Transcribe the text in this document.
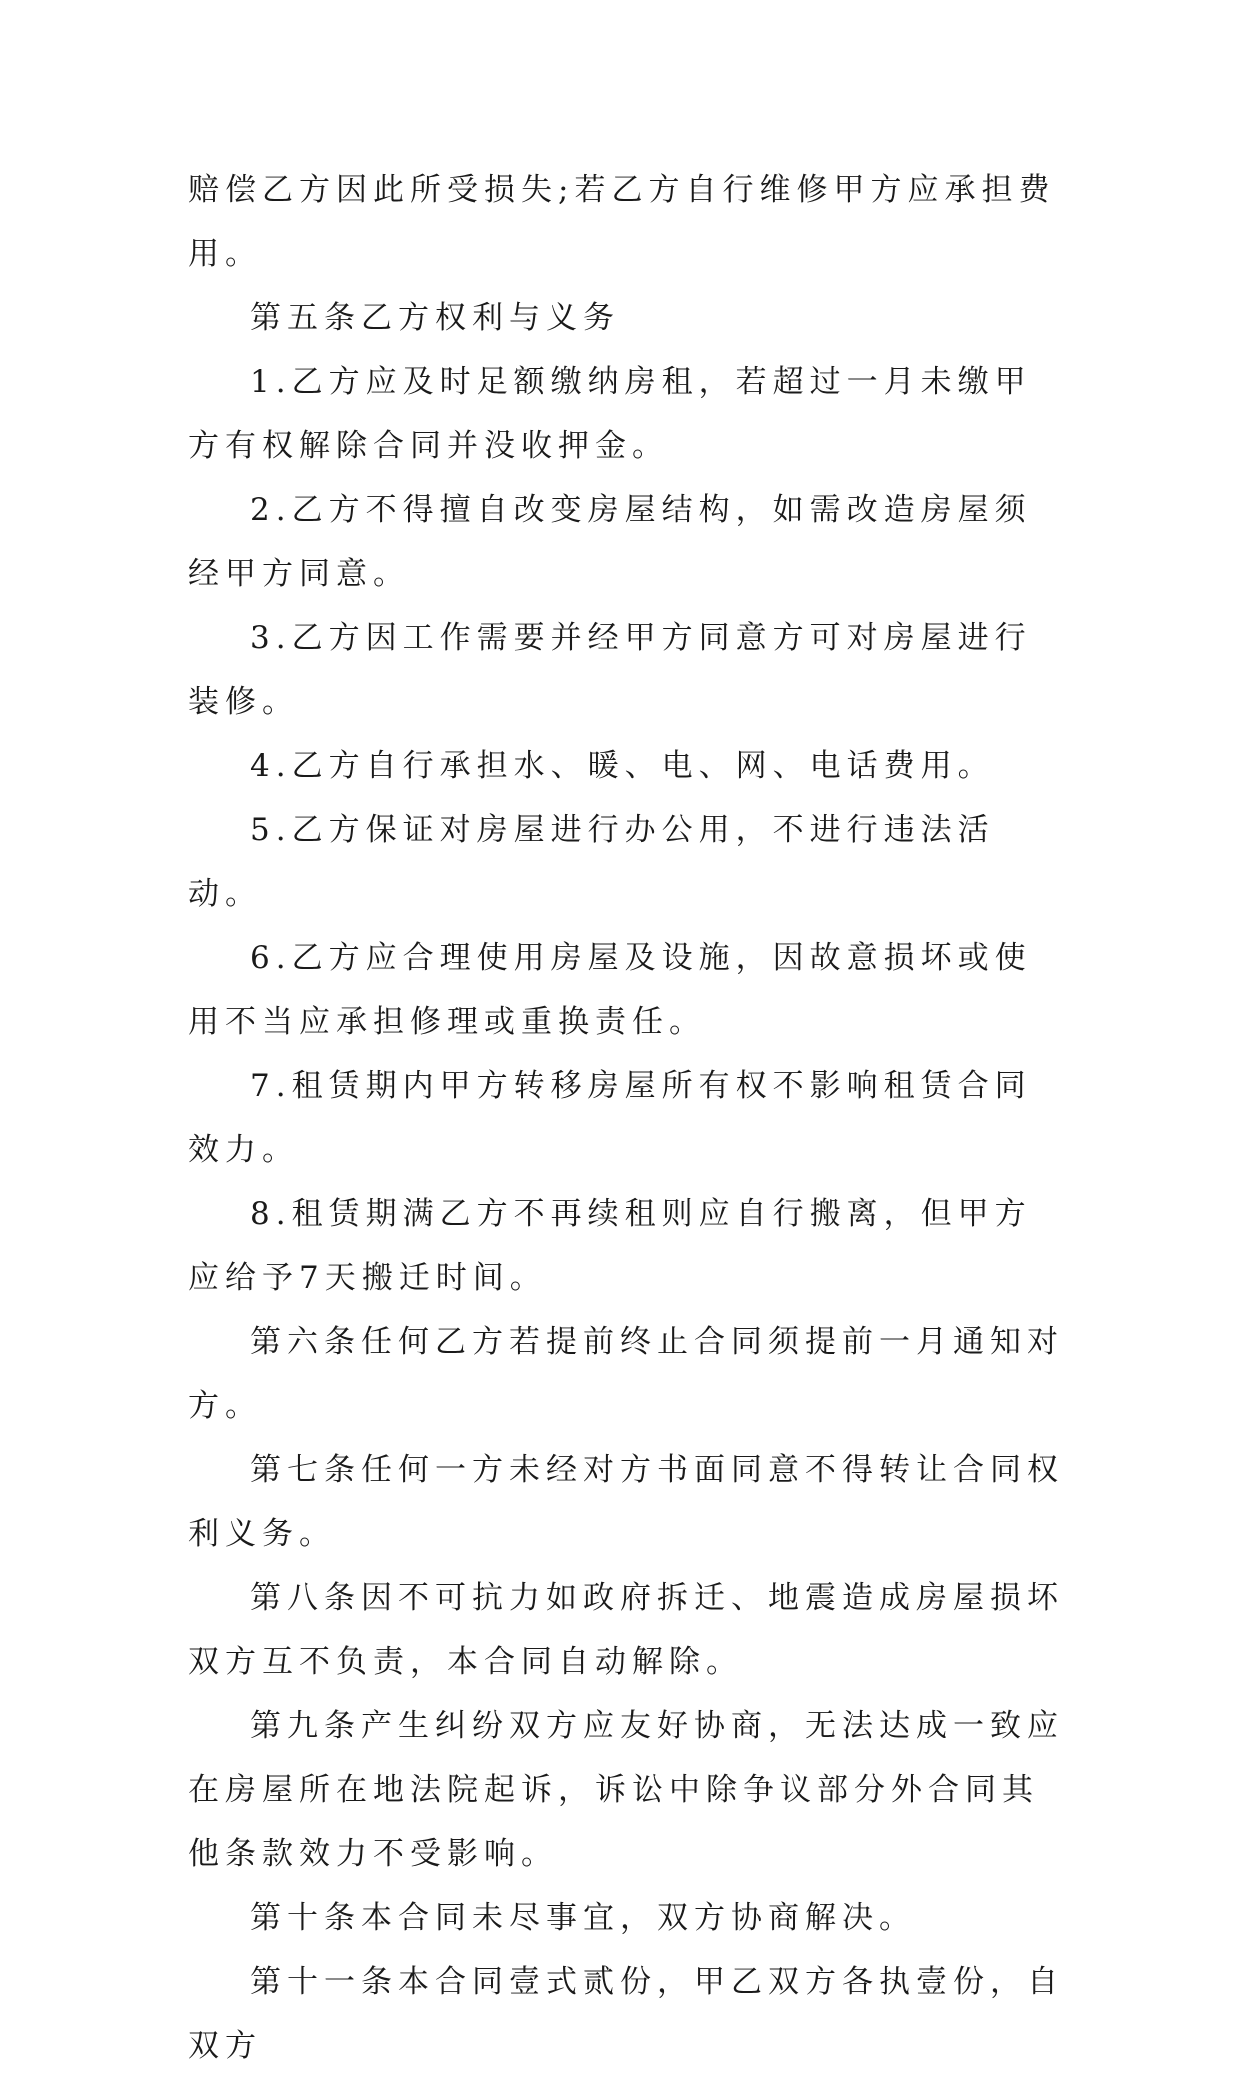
赔偿乙方因此所受损失;若乙方自行维修甲方应承担费用。

第五条乙方权利与义务

1.乙方应及时足额缴纳房租，若超过一月未缴甲方有权解除合同并没收押金。

2.乙方不得擅自改变房屋结构，如需改造房屋须经甲方同意。

3.乙方因工作需要并经甲方同意方可对房屋进行装修。

4.乙方自行承担水、暖、电、网、电话费用。

5.乙方保证对房屋进行办公用，不进行违法活动。

6.乙方应合理使用房屋及设施，因故意损坏或使用不当应承担修理或重换责任。

7.租赁期内甲方转移房屋所有权不影响租赁合同效力。

8.租赁期满乙方不再续租则应自行搬离，但甲方应给予7天搬迁时间。

第六条任何乙方若提前终止合同须提前一月通知对方。

第七条任何一方未经对方书面同意不得转让合同权利义务。

第八条因不可抗力如政府拆迁、地震造成房屋损坏双方互不负责，本合同自动解除。

第九条产生纠纷双方应友好协商，无法达成一致应在房屋所在地法院起诉，诉讼中除争议部分外合同其他条款效力不受影响。

第十条本合同未尽事宜，双方协商解决。

第十一条本合同壹式贰份，甲乙双方各执壹份，自双方
